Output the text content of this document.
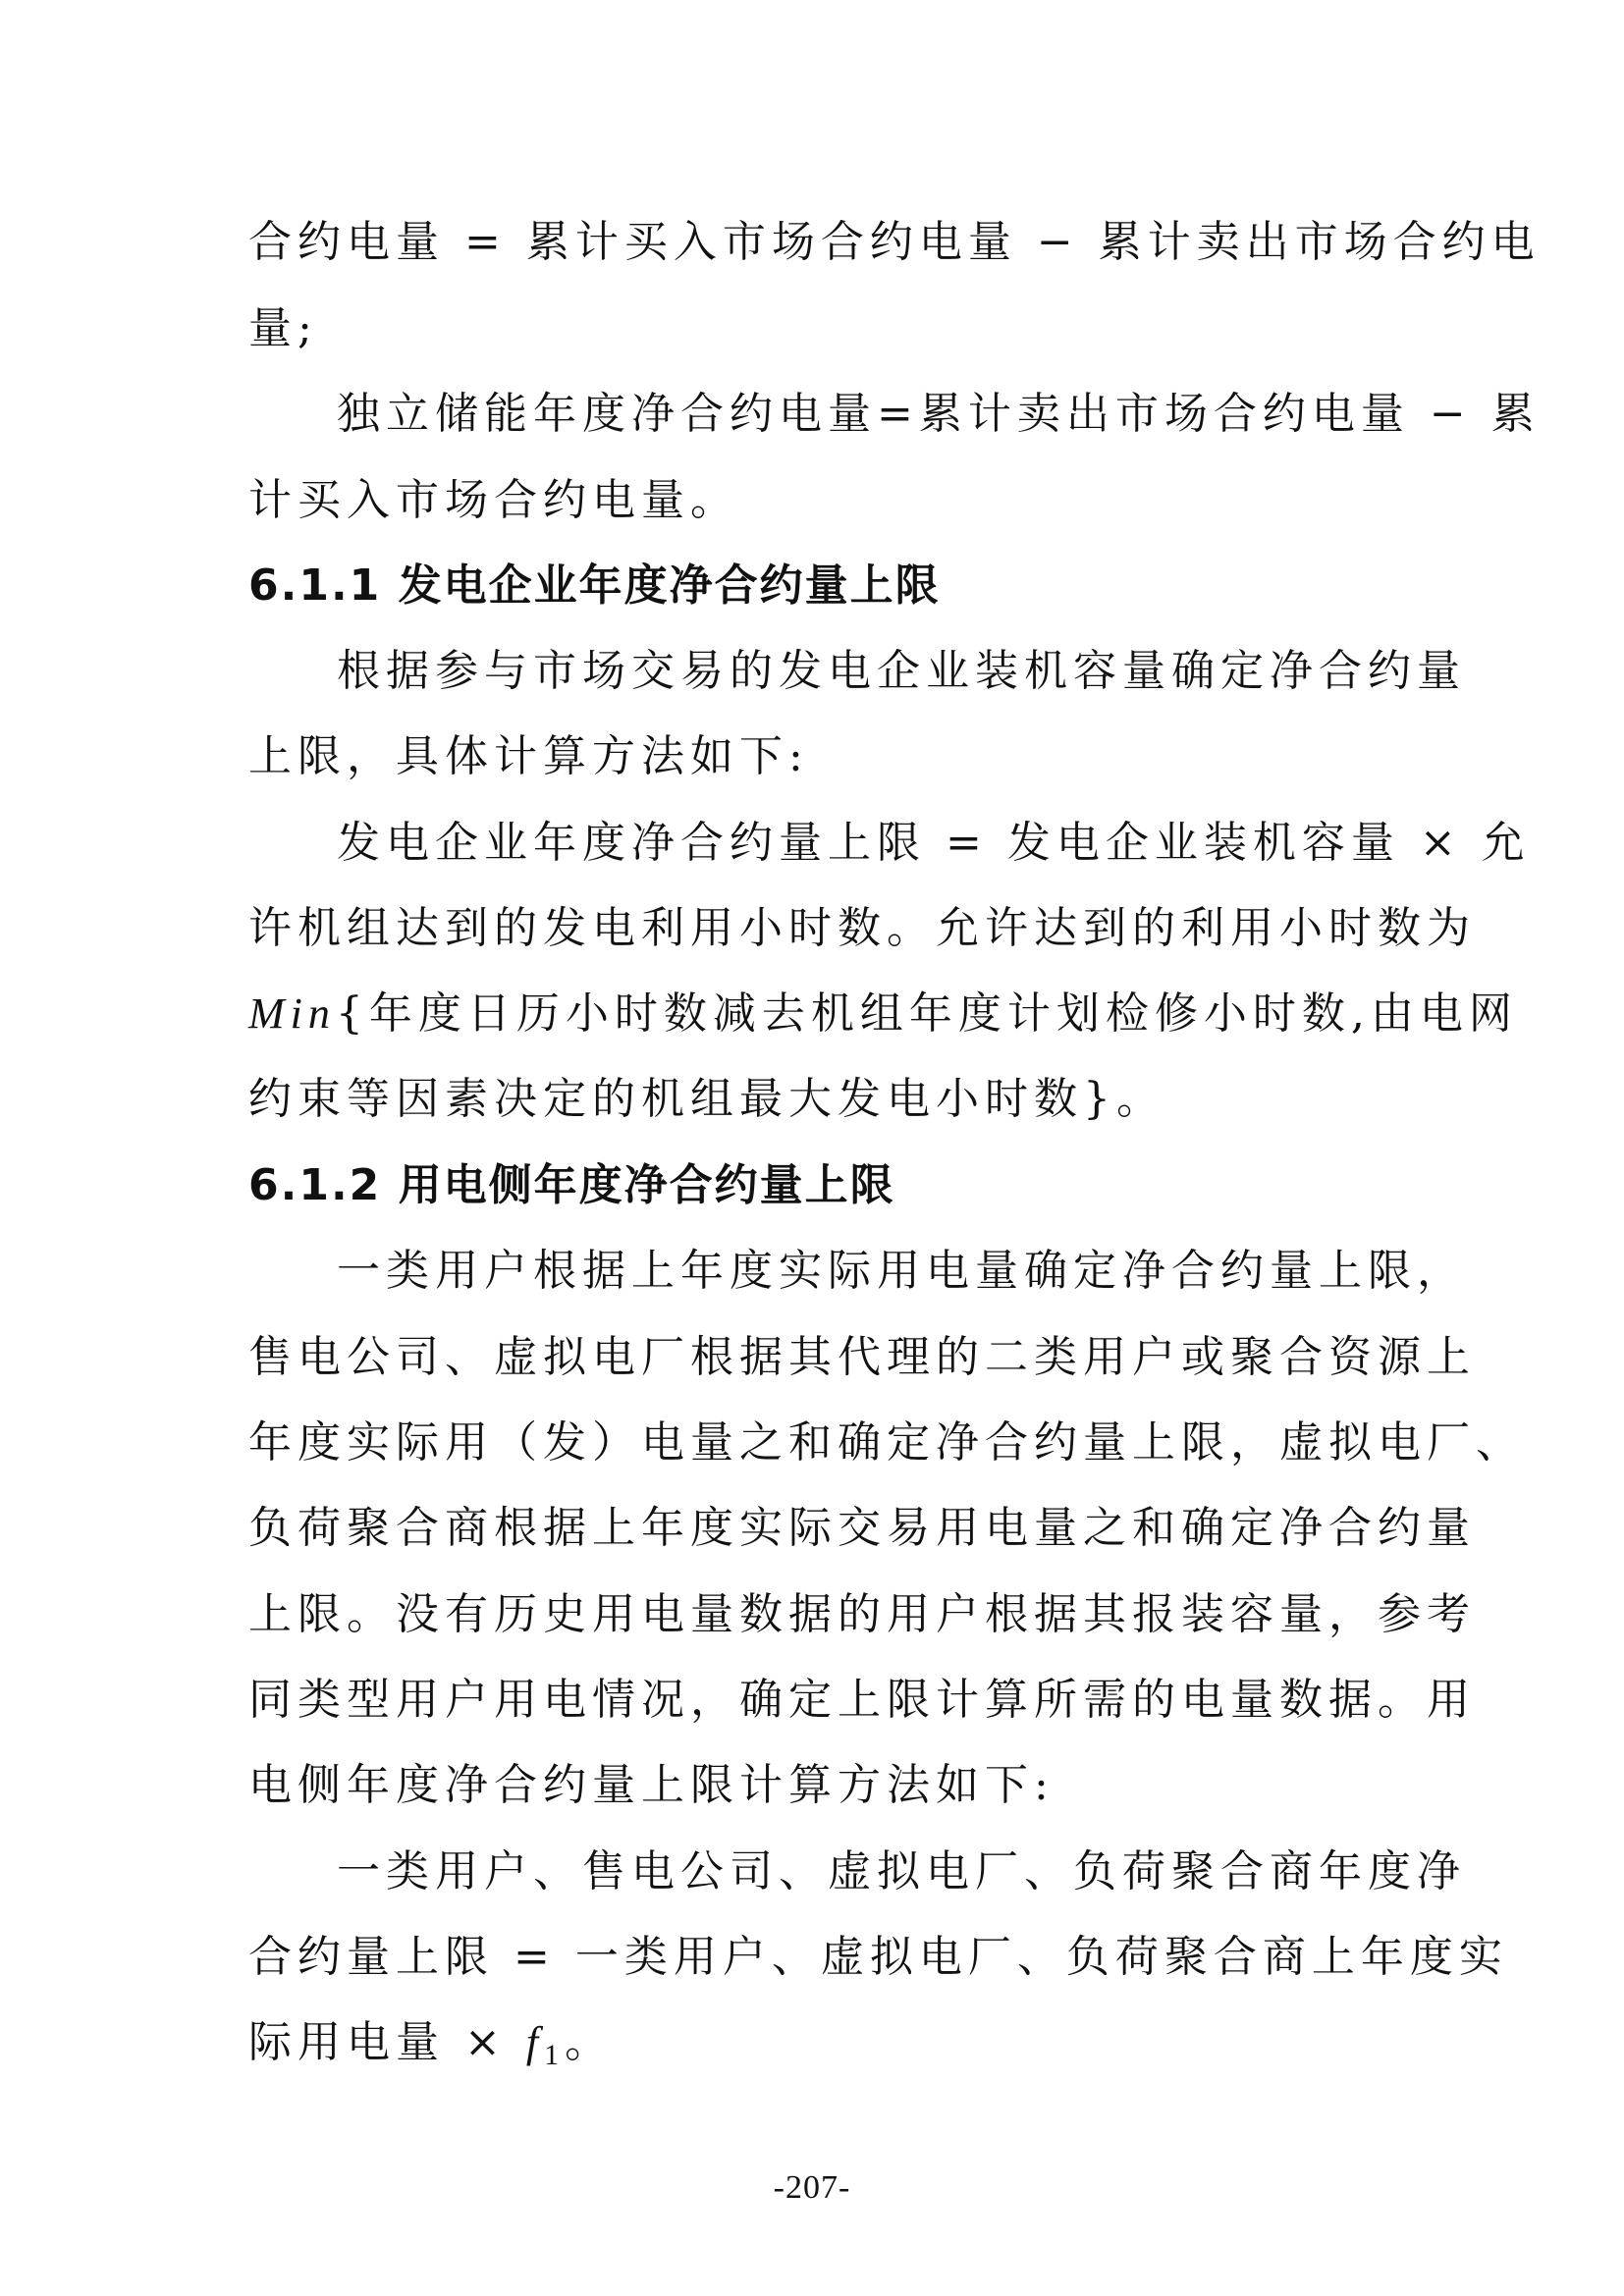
合约电量 = 累计买入市场合约电量 − 累计卖出市场合约电
量;
独立储能年度净合约电量=累计卖出市场合约电量 − 累
计买入市场合约电量。
6.1.1 发电企业年度净合约量上限
根据参与市场交易的发电企业装机容量确定净合约量
上限，具体计算方法如下:
发电企业年度净合约量上限 = 发电企业装机容量 × 允
许机组达到的发电利用小时数。允许达到的利用小时数为
Min{年度日历小时数减去机组年度计划检修小时数,由电网
约束等因素决定的机组最大发电小时数}。
6.1.2 用电侧年度净合约量上限
一类用户根据上年度实际用电量确定净合约量上限，
售电公司、虚拟电厂根据其代理的二类用户或聚合资源上
年度实际用（发）电量之和确定净合约量上限，虚拟电厂、
负荷聚合商根据上年度实际交易用电量之和确定净合约量
上限。没有历史用电量数据的用户根据其报装容量，参考
同类型用户用电情况，确定上限计算所需的电量数据。用
电侧年度净合约量上限计算方法如下:
一类用户、售电公司、虚拟电厂、负荷聚合商年度净
合约量上限 = 一类用户、虚拟电厂、负荷聚合商上年度实
际用电量 × f1。
-207-
